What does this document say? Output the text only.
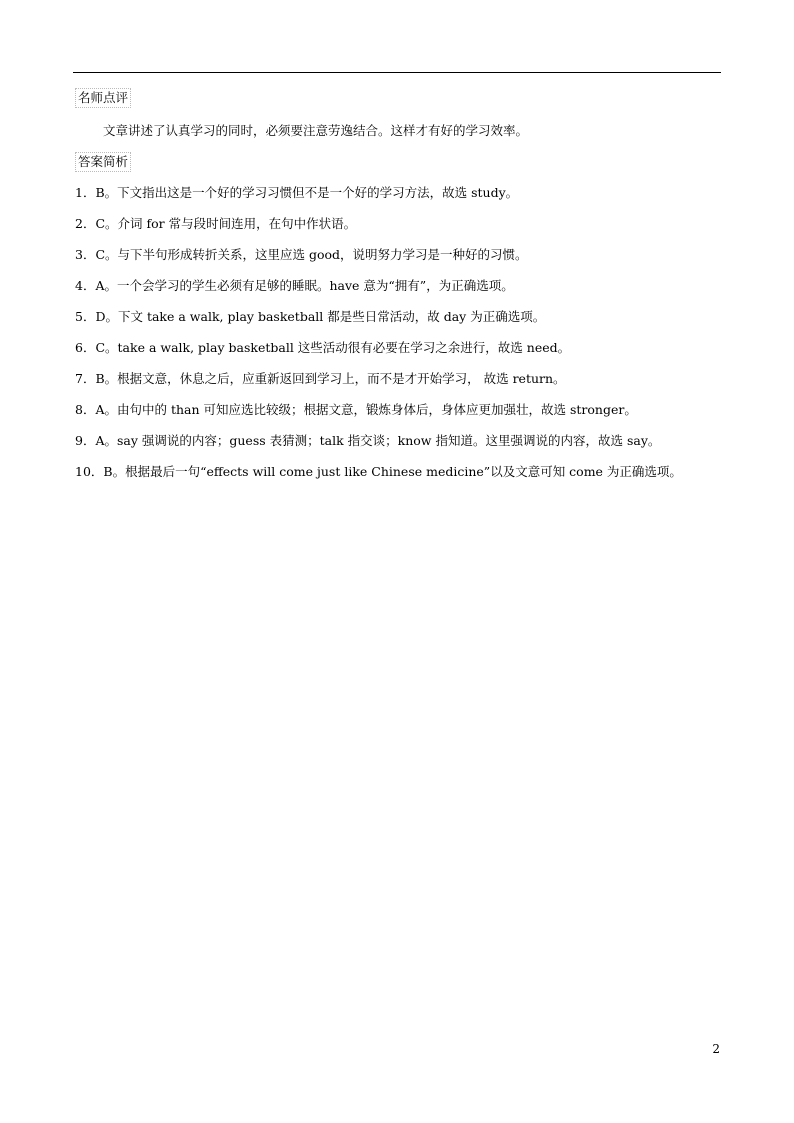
名师点评
文章讲述了认真学习的同时，必须要注意劳逸结合。这样才有好的学习效率。
答案简析
1．B。下文指出这是一个好的学习习惯但不是一个好的学习方法，故选 study。
2．C。介词 for 常与段时间连用，在句中作状语。
3．C。与下半句形成转折关系，这里应选 good，说明努力学习是一种好的习惯。
4．A。一个会学习的学生必须有足够的睡眠。have 意为“拥有”，为正确选项。
5．D。下文 take a walk, play basketball 都是些日常活动，故 day 为正确选项。
6．C。take a walk, play basketball 这些活动很有必要在学习之余进行，故选 need。
7．B。根据文意，休息之后，应重新返回到学习上，而不是才开始学习， 故选 return。
8．A。由句中的 than 可知应选比较级；根据文意，锻炼身体后，身体应更加强壮，故选 stronger。
9．A。say 强调说的内容；guess 表猜测；talk 指交谈；know 指知道。这里强调说的内容，故选 say。
10．B。根据最后一句“effects will come just like Chinese medicine”以及文意可知 come 为正确选项。
2
